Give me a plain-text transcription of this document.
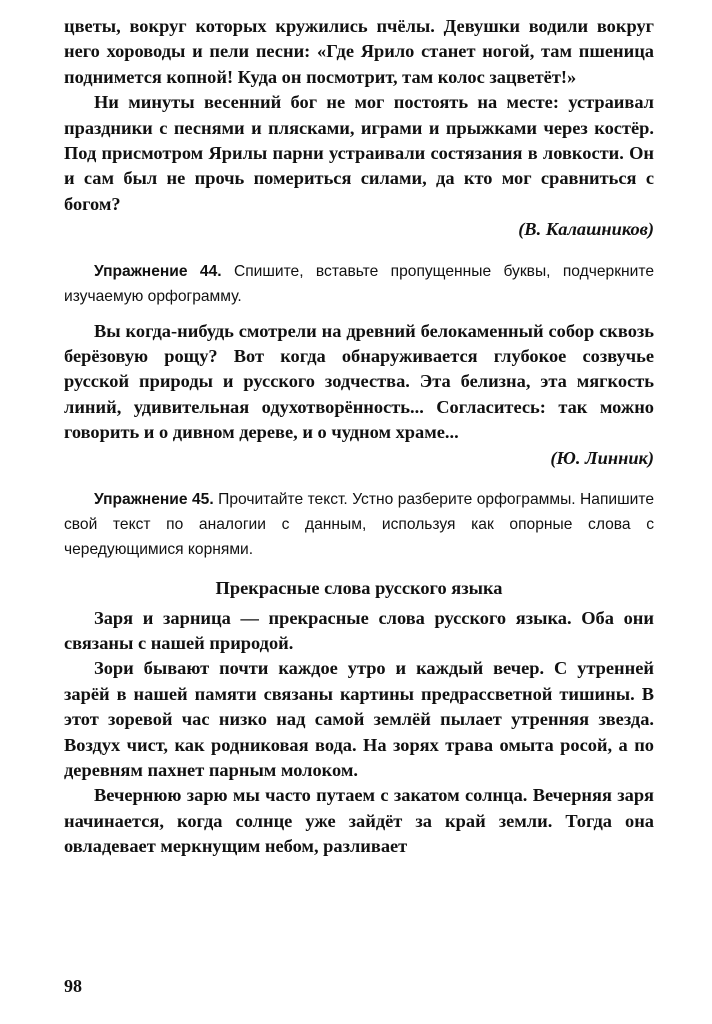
цветы, вокруг которых кружились пчёлы. Девушки водили вокруг него хороводы и пели песни: «Где Ярило станет ногой, там пшеница поднимется копной! Куда он посмотрит, там колос зацветёт!»

Ни минуты весенний бог не мог постоять на месте: устраивал праздники с песнями и плясками, играми и прыжками через костёр. Под присмотром Ярилы парни устраивали состязания в ловкости. Он и сам был не прочь помериться силами, да кто мог сравниться с богом?

(В. Калашников)

Упражнение 44. Спишите, вставьте пропущенные буквы, подчеркните изучаемую орфограмму.

Вы когда-нибудь смотрели на древний белокаменный собор сквозь берёзовую рощу? Вот когда обнаруживается глубокое созвучье русской природы и русского зодчества. Эта белизна, эта мягкость линий, удивительная одухотворённость... Согласитесь: так можно говорить и о дивном дереве, и о чудном храме...

(Ю. Линник)

Упражнение 45. Прочитайте текст. Устно разберите орфограммы. Напишите свой текст по аналогии с данным, используя как опорные слова с чередующимися корнями.

Прекрасные слова русского языка

Заря и зарница — прекрасные слова русского языка. Оба они связаны с нашей природой.

Зори бывают почти каждое утро и каждый вечер. С утренней зарёй в нашей памяти связаны картины предрассветной тишины. В этот зоревой час низко над самой землёй пылает утренняя звезда. Воздух чист, как родниковая вода. На зорях трава омыта росой, а по деревням пахнет парным молоком.

Вечернюю зарю мы часто путаем с закатом солнца. Вечерняя заря начинается, когда солнце уже зайдёт за край земли. Тогда она овладевает меркнущим небом, разливает

98
